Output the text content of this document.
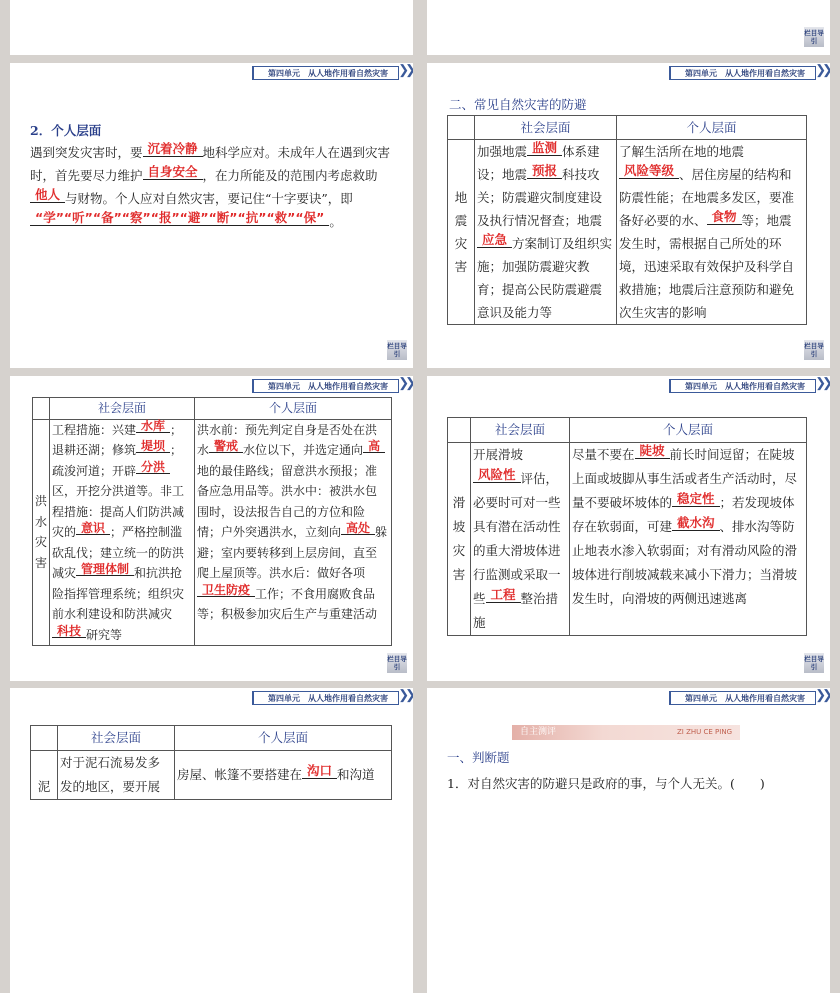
栏目导引
第四单元　从人地作用看自然灾害 ❯❯
2．个人层面
遇到突发灾害时，要 沉着冷静 地科学应对。未成年人在遇到灾害时，首先要尽力维护 自身安全 ，在力所能及的范围内考虑救助他人 与财物。个人应对自然灾害，要记住“十字要诀”，即“学”“听”“备”“察”“报”“避”“断”“抗”“救”“保” 。
栏目导引
第四单元　从人地作用看自然灾害 ❯❯
二、常见自然灾害的防避
	社会层面	个人层面
地震灾害	加强地震 监测 体系建设；地震 预报 科技攻关；防震避灾制度建设及执行情况督查；地震应急 方案制订及组织实施；加强防震避灾教育；提高公民防震避震意识及能力等	了解生活所在地的地震风险等级 、居住房屋的结构和防震性能；在地震多发区，要准备好必要的水、 食物 等；地震发生时，需根据自己所处的环境，迅速采取有效保护及科学自救措施；地震后注意预防和避免次生灾害的影响
栏目导引
第四单元　从人地作用看自然灾害 ❯❯
	社会层面	个人层面
洪水灾害	工程措施：兴建 水库 ；退耕还湖；修筑 堤坝 ；疏浚河道；开辟 分洪区，开挖分洪道等。非工程措施：提高人们防洪减灾的 意识 ；严格控制滥砍乱伐；建立统一的防洪减灾 管理体制 和抗洪抢险指挥管理系统；组织灾前水利建设和防洪减灾科技 研究等	洪水前：预先判定自身是否处在洪水 警戒 水位以下，并选定通向 高地的最佳路线；留意洪水预报；准备应急用品等。洪水中：被洪水包围时，设法报告自己的方位和险情；户外突遇洪水，立刻向 高处 躲避；室内要转移到上层房间，直至爬上屋顶等。洪水后：做好各项卫生防疫 工作；不食用腐败食品等；积极参加灾后生产与重建活动
栏目导引
第四单元　从人地作用看自然灾害 ❯❯
	社会层面	个人层面
滑坡灾害	开展滑坡风险性 评估，必要时可对一些具有潜在活动性的重大滑坡体进行监测或采取一些 工程 整治措施	尽量不要在 陡坡 前长时间逗留；在陡坡上面或坡脚从事生活或者生产活动时，尽量不要破坏坡体的 稳定性 ；若发现坡体存在软弱面，可建 截水沟 、排水沟等防止地表水渗入软弱面；对有滑动风险的滑坡体进行削坡减载来减小下滑力；当滑坡发生时，向滑坡的两侧迅速逃离
栏目导引
第四单元　从人地作用看自然灾害 ❯❯
	社会层面	个人层面
泥	对于泥石流易发多发的地区，要开展	房屋、帐篷不要搭建在 沟口 和沟道
第四单元　从人地作用看自然灾害 ❯❯
自主测评	ZI ZHU CE PING
一、判断题
1．对自然灾害的防避只是政府的事，与个人无关。(　　)
